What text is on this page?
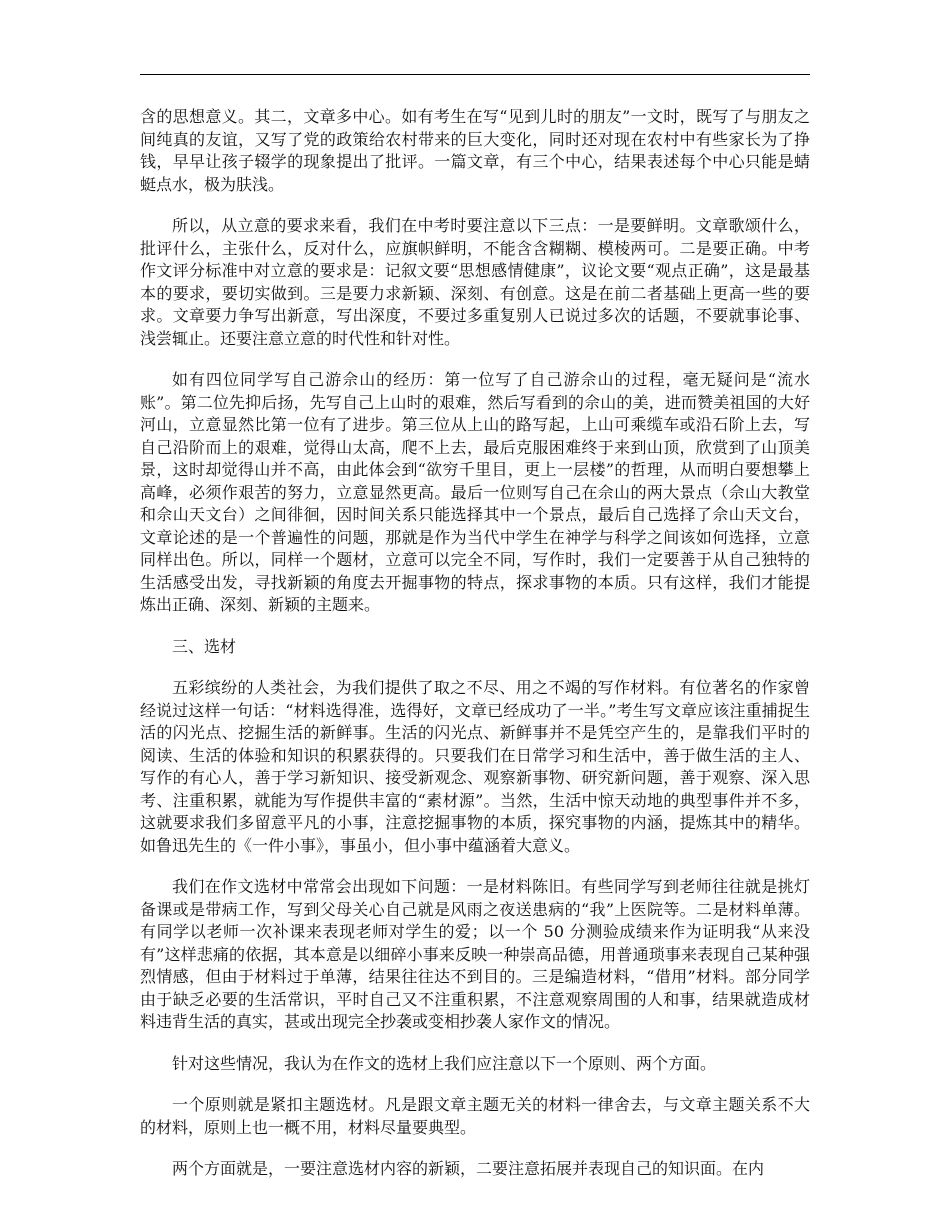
含的思想意义。其二，文章多中心。如有考生在写“见到儿时的朋友”一文时，既写了与朋友之间纯真的友谊，又写了党的政策给农村带来的巨大变化，同时还对现在农村中有些家长为了挣钱，早早让孩子辍学的现象提出了批评。一篇文章，有三个中心，结果表述每个中心只能是蜻蜓点水，极为肤浅。

所以，从立意的要求来看，我们在中考时要注意以下三点：一是要鲜明。文章歌颂什么，批评什么，主张什么，反对什么，应旗帜鲜明，不能含含糊糊、模棱两可。二是要正确。中考作文评分标准中对立意的要求是：记叙文要“思想感情健康”，议论文要“观点正确”，这是最基本的要求，要切实做到。三是要力求新颖、深刻、有创意。这是在前二者基础上更高一些的要求。文章要力争写出新意，写出深度，不要过多重复别人已说过多次的话题，不要就事论事、浅尝辄止。还要注意立意的时代性和针对性。

如有四位同学写自己游佘山的经历：第一位写了自己游佘山的过程，毫无疑问是“流水账”。第二位先抑后扬，先写自己上山时的艰难，然后写看到的佘山的美，进而赞美祖国的大好河山，立意显然比第一位有了进步。第三位从上山的路写起，上山可乘缆车或沿石阶上去，写自己沿阶而上的艰难，觉得山太高，爬不上去，最后克服困难终于来到山顶，欣赏到了山顶美景，这时却觉得山并不高，由此体会到“欲穷千里目，更上一层楼”的哲理，从而明白要想攀上高峰，必须作艰苦的努力，立意显然更高。最后一位则写自己在佘山的两大景点（佘山大教堂和佘山天文台）之间徘徊，因时间关系只能选择其中一个景点，最后自己选择了佘山天文台，文章论述的是一个普遍性的问题，那就是作为当代中学生在神学与科学之间该如何选择，立意同样出色。所以，同样一个题材，立意可以完全不同，写作时，我们一定要善于从自己独特的生活感受出发，寻找新颖的角度去开掘事物的特点，探求事物的本质。只有这样，我们才能提炼出正确、深刻、新颖的主题来。

三、选材

五彩缤纷的人类社会，为我们提供了取之不尽、用之不竭的写作材料。有位著名的作家曾经说过这样一句话：“材料选得准，选得好，文章已经成功了一半。”考生写文章应该注重捕捉生活的闪光点、挖掘生活的新鲜事。生活的闪光点、新鲜事并不是凭空产生的，是靠我们平时的阅读、生活的体验和知识的积累获得的。只要我们在日常学习和生活中，善于做生活的主人、写作的有心人，善于学习新知识、接受新观念、观察新事物、研究新问题，善于观察、深入思考、注重积累，就能为写作提供丰富的“素材源”。当然，生活中惊天动地的典型事件并不多，这就要求我们多留意平凡的小事，注意挖掘事物的本质，探究事物的内涵，提炼其中的精华。如鲁迅先生的《一件小事》，事虽小，但小事中蕴涵着大意义。

我们在作文选材中常常会出现如下问题：一是材料陈旧。有些同学写到老师往往就是挑灯备课或是带病工作，写到父母关心自己就是风雨之夜送患病的“我”上医院等。二是材料单薄。有同学以老师一次补课来表现老师对学生的爱；以一个 50 分测验成绩来作为证明我“从来没有”这样悲痛的依据，其本意是以细碎小事来反映一种崇高品德，用普通琐事来表现自己某种强烈情感，但由于材料过于单薄，结果往往达不到目的。三是编造材料，“借用”材料。部分同学由于缺乏必要的生活常识，平时自己又不注重积累，不注意观察周围的人和事，结果就造成材料违背生活的真实，甚或出现完全抄袭或变相抄袭人家作文的情况。

针对这些情况，我认为在作文的选材上我们应注意以下一个原则、两个方面。

一个原则就是紧扣主题选材。凡是跟文章主题无关的材料一律舍去，与文章主题关系不大的材料，原则上也一概不用，材料尽量要典型。

两个方面就是，一要注意选材内容的新颖，二要注意拓展并表现自己的知识面。在内
